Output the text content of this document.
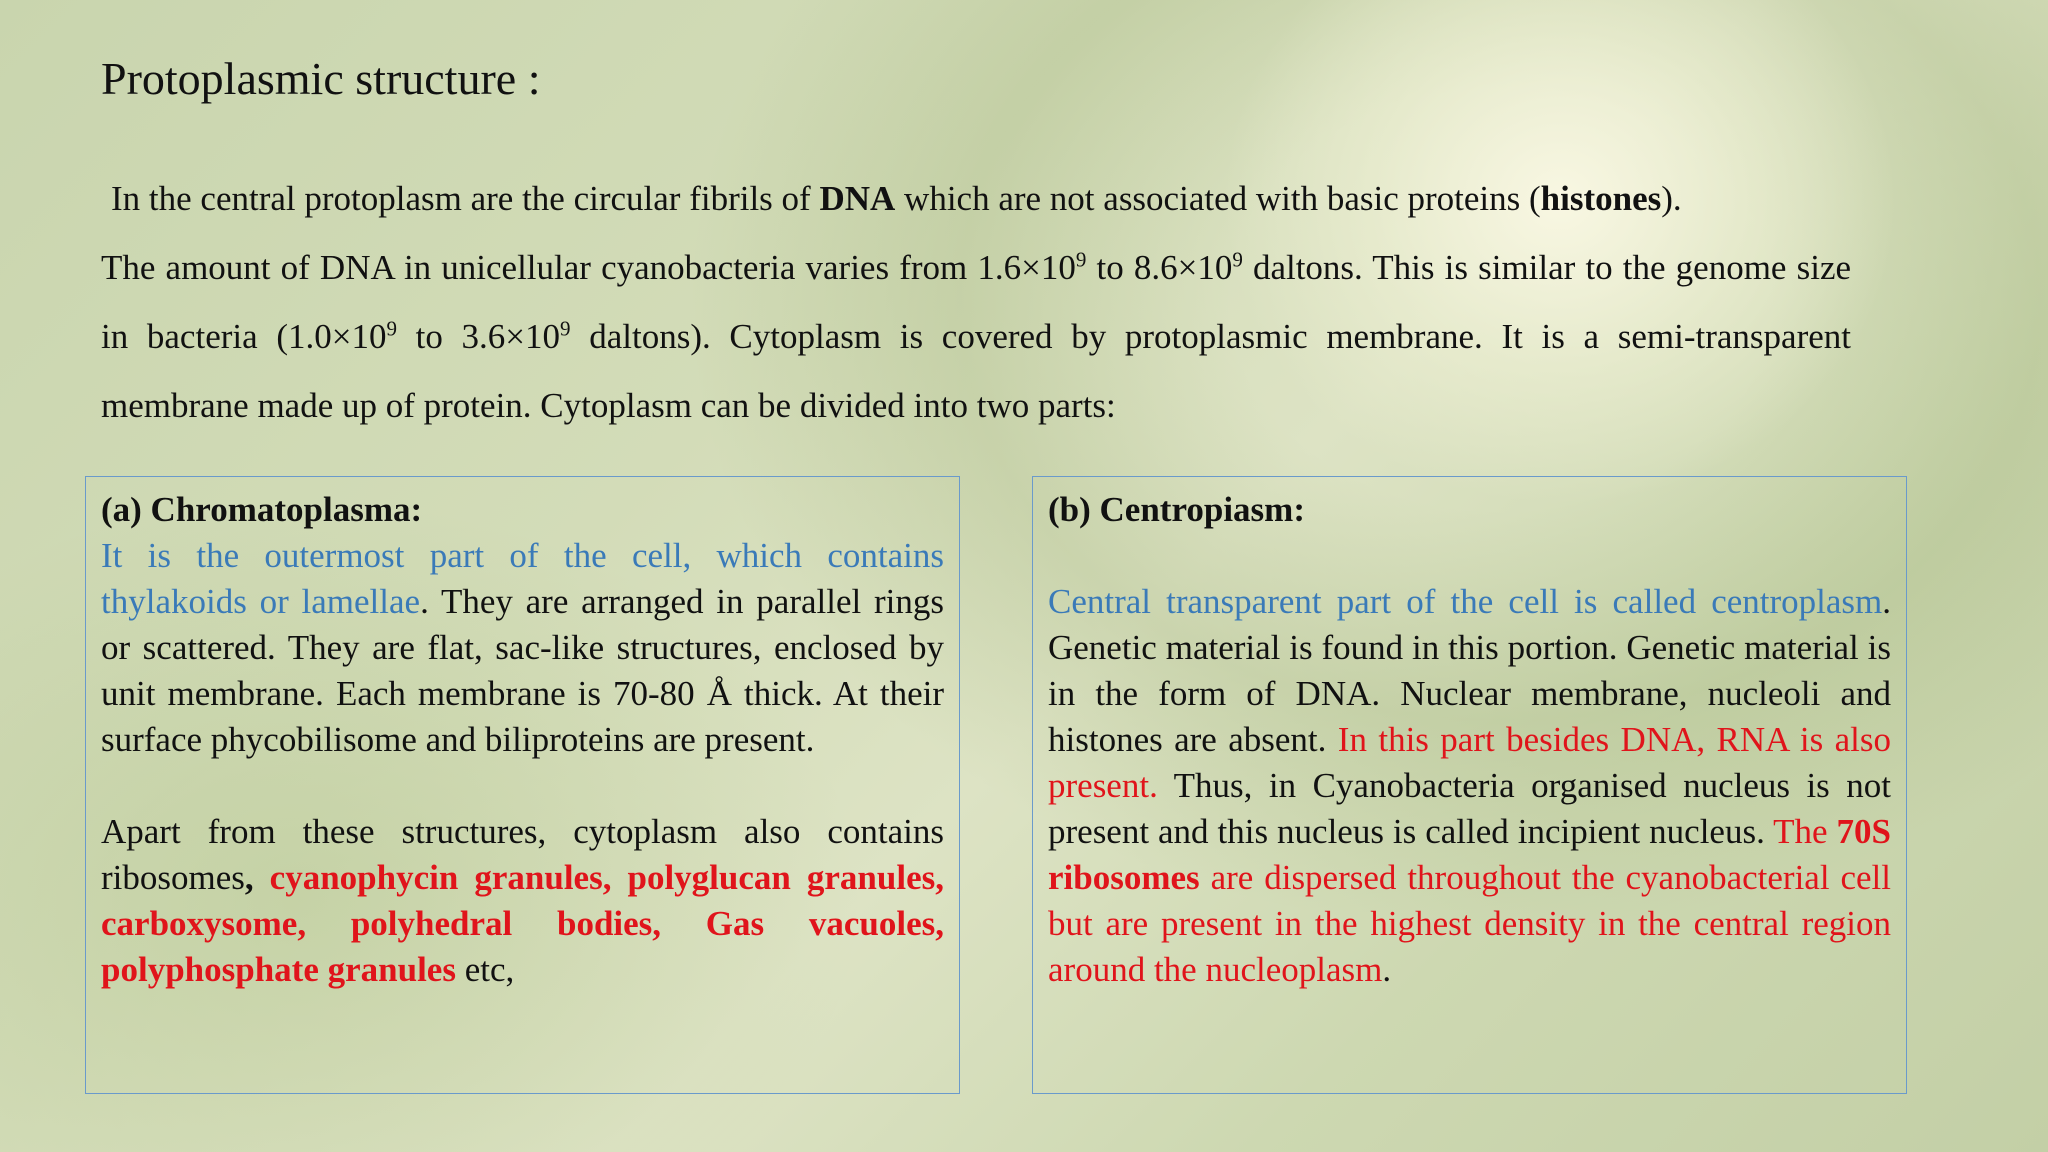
Protoplasmic structure :

In the central protoplasm are the circular fibrils of DNA which are not associated with basic proteins (histones).

The amount of DNA in unicellular cyanobacteria varies from $1.6\times 10^9$ to $8.6\times 10^9$ daltons. This is similar to the genome size in bacteria ($1.0\times 10^9$ to $3.6\times 10^9$ daltons). Cytoplasm is covered by protoplasmic membrane. It is a semi-transparent membrane made up of protein. Cytoplasm can be divided into two parts:

(a) Chromatoplasma:

It is the outermost part of the cell, which contains thylakoids or lamellae. They are arranged in parallel rings or scattered. They are flat, sac-like structures, enclosed by unit membrane. Each membrane is 70-80 Å thick. At their surface phycobilisome and biliproteins are present.

Apart from these structures, cytoplasm also contains ribosomes, cyanophycin granules, polyglucan granules, carboxysome, polyhedral bodies, Gas vacuoles, polyphosphate granules etc,

(b) Centropiasm:

Central transparent part of the cell is called centroplasm. Genetic material is found in this portion. Genetic material is in the form of DNA. Nuclear membrane, nucleoli and histones are absent. In this part besides DNA, RNA is also present. Thus, in Cyanobacteria organised nucleus is not present and this nucleus is called incipient nucleus. The 70S ribosomes are dispersed throughout the cyanobacterial cell but are present in the highest density in the central region around the nucleoplasm.
